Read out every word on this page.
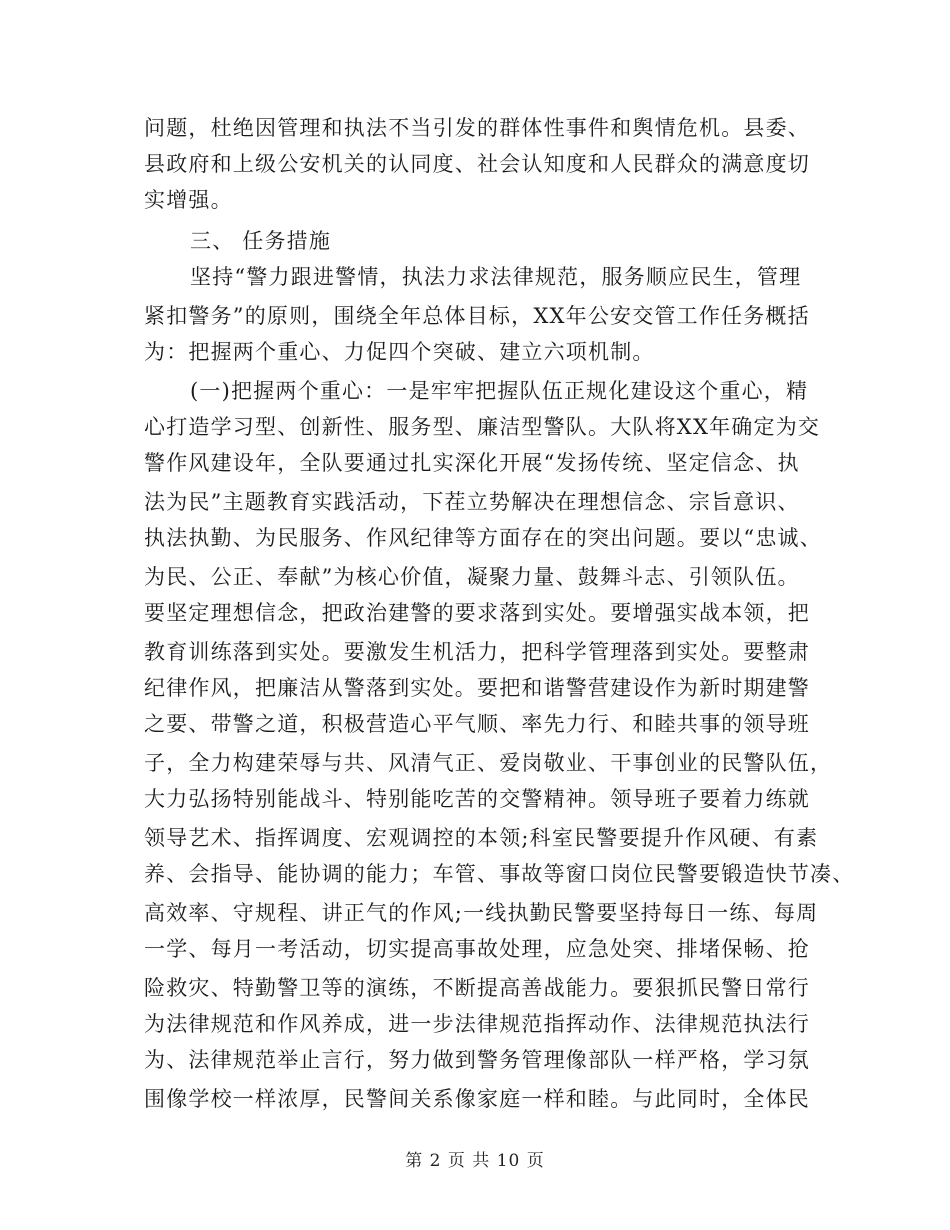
问题，杜绝因管理和执法不当引发的群体性事件和舆情危机。县委、
县政府和上级公安机关的认同度、社会认知度和人民群众的满意度切
实增强。
三、 任务措施
坚持“警力跟进警情，执法力求法律规范，服务顺应民生，管理
紧扣警务”的原则，围绕全年总体目标，XX年公安交管工作任务概括
为：把握两个重心、力促四个突破、建立六项机制。
(一)把握两个重心：一是牢牢把握队伍正规化建设这个重心，精
心打造学习型、创新性、服务型、廉洁型警队。大队将XX年确定为交
警作风建设年，全队要通过扎实深化开展“发扬传统、坚定信念、执
法为民”主题教育实践活动，下茬立势解决在理想信念、宗旨意识、
执法执勤、为民服务、作风纪律等方面存在的突出问题。要以“忠诚、
为民、公正、奉献”为核心价值，凝聚力量、鼓舞斗志、引领队伍。
要坚定理想信念，把政治建警的要求落到实处。要增强实战本领，把
教育训练落到实处。要激发生机活力，把科学管理落到实处。要整肃
纪律作风，把廉洁从警落到实处。要把和谐警营建设作为新时期建警
之要、带警之道，积极营造心平气顺、率先力行、和睦共事的领导班
子，全力构建荣辱与共、风清气正、爱岗敬业、干事创业的民警队伍，
大力弘扬特别能战斗、特别能吃苦的交警精神。领导班子要着力练就
领导艺术、指挥调度、宏观调控的本领;科室民警要提升作风硬、有素
养、会指导、能协调的能力；车管、事故等窗口岗位民警要锻造快节凑、
高效率、守规程、讲正气的作风;一线执勤民警要坚持每日一练、每周
一学、每月一考活动，切实提高事故处理，应急处突、排堵保畅、抢
险救灾、特勤警卫等的演练，不断提高善战能力。要狠抓民警日常行
为法律规范和作风养成，进一步法律规范指挥动作、法律规范执法行
为、法律规范举止言行，努力做到警务管理像部队一样严格，学习氛
围像学校一样浓厚，民警间关系像家庭一样和睦。与此同时，全体民
第 2 页 共 10 页
